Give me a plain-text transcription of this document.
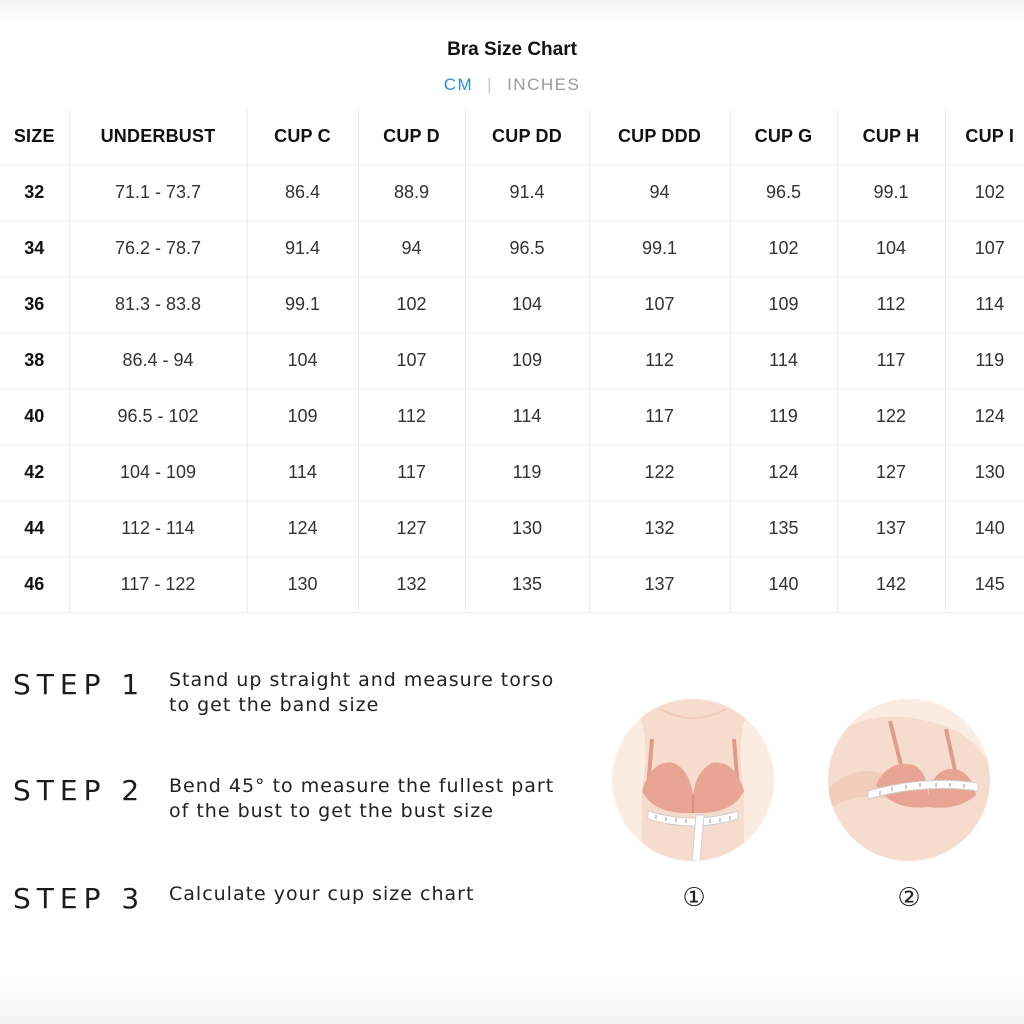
Bra Size Chart
CM | INCHES
SIZE	UNDERBUST	CUP C	CUP D	CUP DD	CUP DDD	CUP G	CUP H	CUP I
32	71.1 - 73.7	86.4	88.9	91.4	94	96.5	99.1	102
34	76.2 - 78.7	91.4	94	96.5	99.1	102	104	107
36	81.3 - 83.8	99.1	102	104	107	109	112	114
38	86.4 - 94	104	107	109	112	114	117	119
40	96.5 - 102	109	112	114	117	119	122	124
42	104 - 109	114	117	119	122	124	127	130
44	112 - 114	124	127	130	132	135	137	140
46	117 - 122	130	132	135	137	140	142	145
STEP 1	Stand up straight and measure torso
to get the band size
STEP 2	Bend 45° to measure the fullest part
of the bust to get the bust size
STEP 3	Calculate your cup size chart	①	②
